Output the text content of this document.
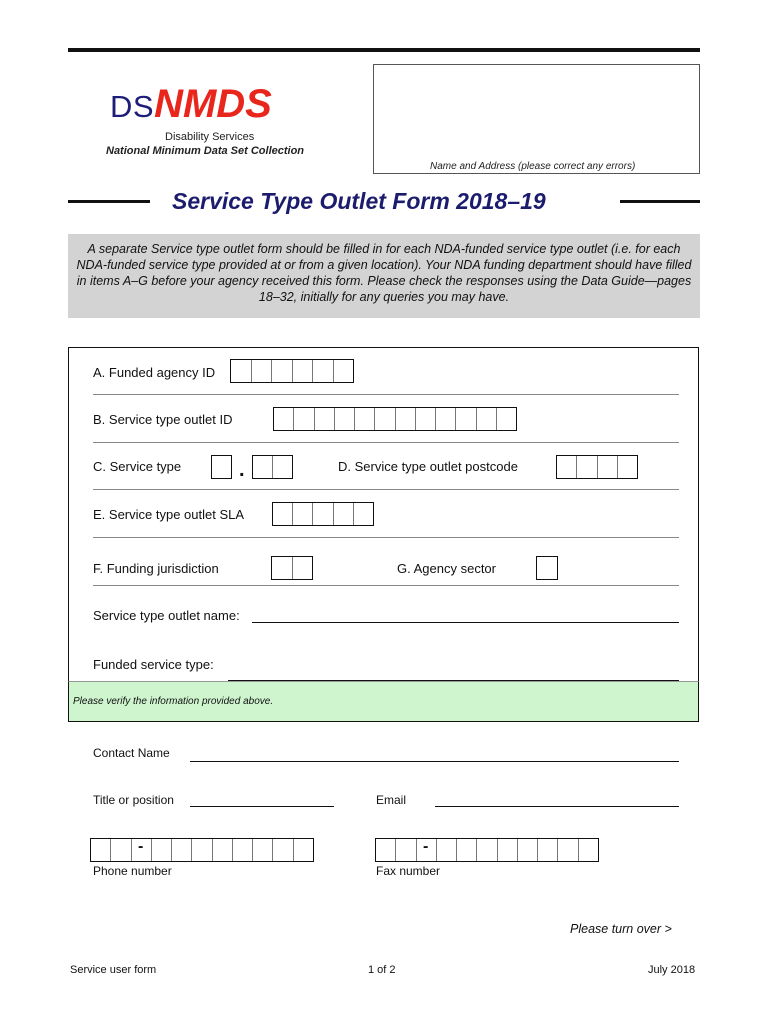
DSNMDS
Disability Services
National Minimum Data Set Collection
Name and Address (please correct any errors)
Service Type Outlet Form 2018–19
A separate Service type outlet form should be filled in for each NDA-funded service type outlet (i.e. for each NDA-funded service type provided at or from a given location). Your NDA funding department should have filled in items A–G before your agency received this form. Please check the responses using the Data Guide—pages 18–32, initially for any queries you may have.
A. Funded agency ID
B. Service type outlet ID
C. Service type	.	D. Service type outlet postcode
E. Service type outlet SLA
F. Funding jurisdiction	G. Agency sector
Service type outlet name:
Funded service type:
Please verify the information provided above.
Contact Name
Title or position	Email
-
Phone number
-
Fax number
Please turn over >
Service user form	1 of 2	July 2018
